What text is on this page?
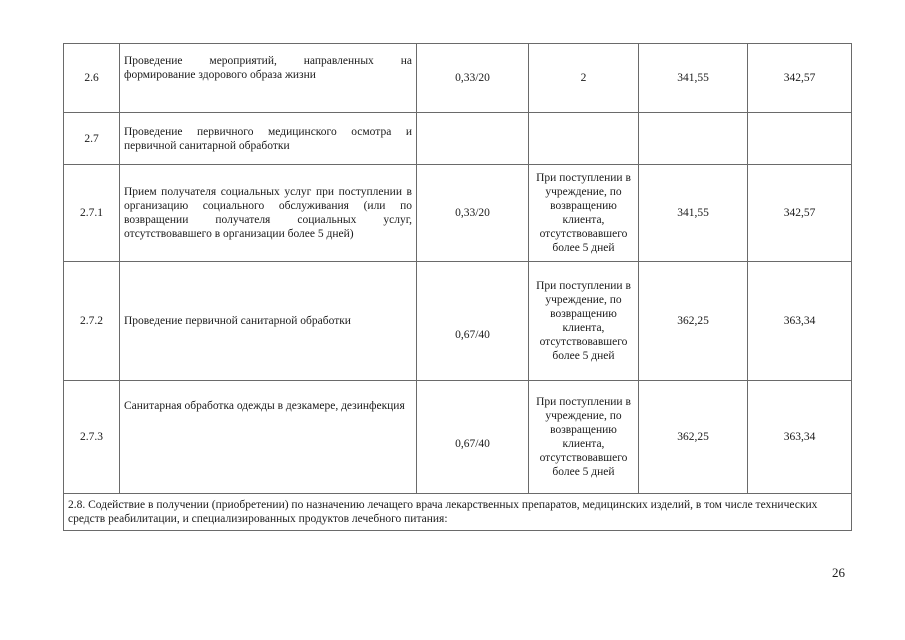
2.6	Проведение мероприятий, направленных на формирование здорового образа жизни	0,33/20	2	341,55	342,57
2.7	Проведение первичного медицинского осмотра и первичной санитарной обработки				
2.7.1	Прием получателя социальных услуг при поступлении в организацию социального обслуживания (или по возвращении получателя социальных услуг, отсутствовавшего в организации более 5 дней)	0,33/20	При поступлении в учреждение, по возвращению клиента, отсутствовавшего более 5 дней	341,55	342,57
2.7.2	Проведение первичной санитарной обработки	0,67/40	При поступлении в учреждение, по возвращению клиента, отсутствовавшего более 5 дней	362,25	363,34
2.7.3	Санитарная обработка одежды в дезкамере, дезинфекция	0,67/40	При поступлении в учреждение, по возвращению клиента, отсутствовавшего более 5 дней	362,25	363,34
2.8. Содействие в получении (приобретении) по назначению лечащего врача лекарственных препаратов, медицинских изделий, в том числе технических средств реабилитации, и специализированных продуктов лечебного питания:					
26
